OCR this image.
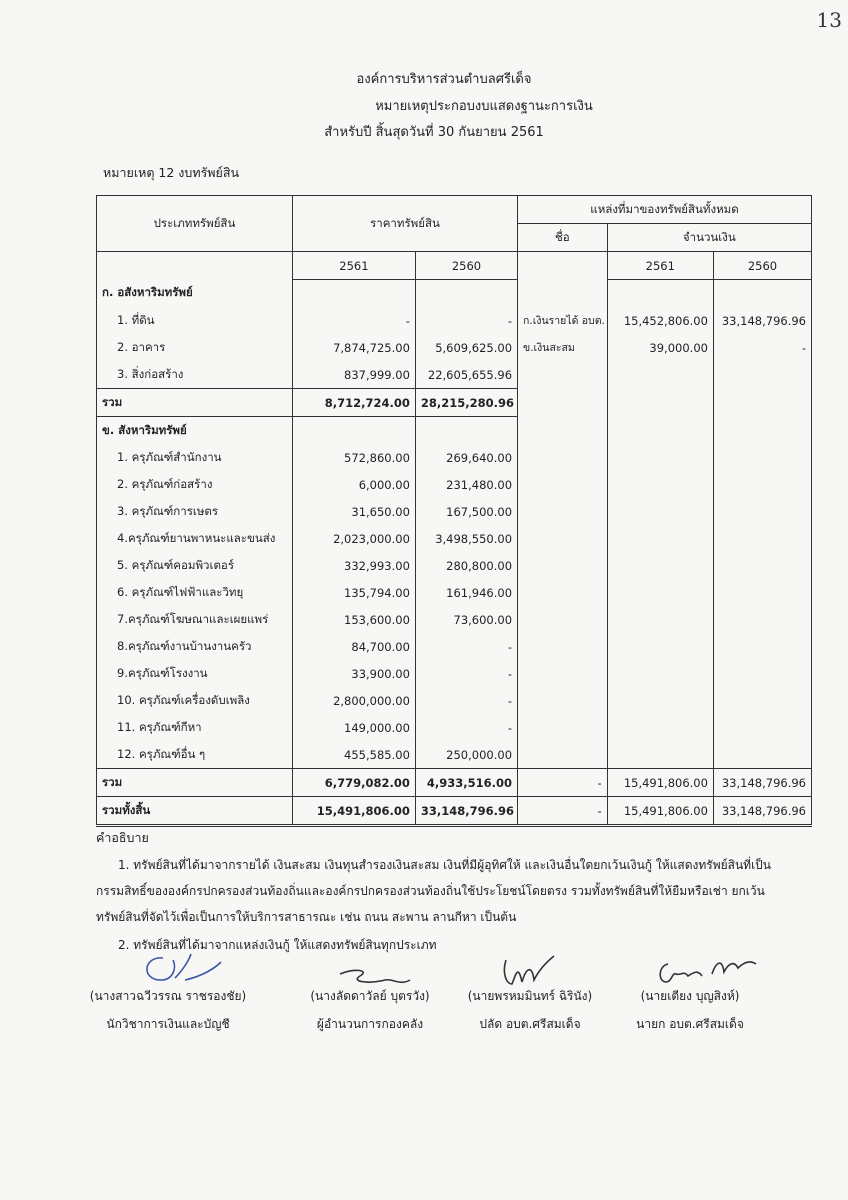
13
องค์การบริหารส่วนตำบลศรีเด็จ
หมายเหตุประกอบงบแสดงฐานะการเงิน
สำหรับปี สิ้นสุดวันที่ 30 กันยายน 2561
หมายเหตุ 12 งบทรัพย์สิน
ประเภททรัพย์สิน	ราคาทรัพย์สิน		แหล่งที่มาของทรัพย์สินทั้งหมด		
			ชื่อ	จำนวนเงิน	
	2561	2560		2561	2560
ก. อสังหาริมทรัพย์					
1. ที่ดิน	-	-	ก.เงินรายได้ อบต.	15,452,806.00	33,148,796.96
2. อาคาร	7,874,725.00	5,609,625.00	ข.เงินสะสม	39,000.00	-
3. สิ่งก่อสร้าง	837,999.00	22,605,655.96			
รวม	8,712,724.00	28,215,280.96			
ข. สังหาริมทรัพย์					
1. ครุภัณฑ์สำนักงาน	572,860.00	269,640.00			
2. ครุภัณฑ์ก่อสร้าง	6,000.00	231,480.00			
3. ครุภัณฑ์การเษตร	31,650.00	167,500.00			
4.ครุภัณฑ์ยานพาหนะและขนส่ง	2,023,000.00	3,498,550.00			
5. ครุภัณฑ์คอมพิวเตอร์	332,993.00	280,800.00			
6. ครุภัณฑ์ไฟฟ้าและวิทยุ	135,794.00	161,946.00			
7.ครุภัณฑ์โฆษณาและเผยแพร่	153,600.00	73,600.00			
8.ครุภัณฑ์งานบ้านงานครัว	84,700.00	-			
9.ครุภัณฑ์โรงงาน	33,900.00	-			
10. ครุภัณฑ์เครื่องดับเพลิง	2,800,000.00	-			
11. ครุภัณฑ์กีหา	149,000.00	-			
12. ครุภัณฑ์อื่น ๆ	455,585.00	250,000.00			
รวม	6,779,082.00	4,933,516.00	-	15,491,806.00	33,148,796.96
รวมทั้งสิ้น	15,491,806.00	33,148,796.96	-	15,491,806.00	33,148,796.96
คำอธิบาย
1. ทรัพย์สินที่ได้มาจากรายได้ เงินสะสม เงินทุนสำรองเงินสะสม เงินที่มีผู้อุทิศให้ และเงินอื่นใดยกเว้นเงินกู้ ให้แสดงทรัพย์สินที่เป็นกรรมสิทธิ์ขององค์กรปกครองส่วนท้องถิ่นและองค์กรปกครองส่วนท้องถิ่นใช้ประโยชน์โดยตรง รวมทั้งทรัพย์สินที่ให้ยืมหรือเช่า ยกเว้นทรัพย์สินที่จัดไว้เพื่อเป็นการให้บริการสาธารณะ เช่น ถนน สะพาน ลานกีหา เป็นต้น
2. ทรัพย์สินที่ได้มาจากแหล่งเงินกู้ ให้แสดงทรัพย์สินทุกประเภท
(นางสาวฉวีวรรณ ราชรองชัย)
นักวิชาการเงินและบัญชี
(นางลัดดาวัลย์ บุตรวัง)
ผู้อำนวนการกองคลัง
(นายพรหมมินทร์ ฉิรินัง)
ปลัด อบต.ศรีสมเด็จ
(นายเตียง บุญสิงห์)
นายก อบต.ศรีสมเด็จ
